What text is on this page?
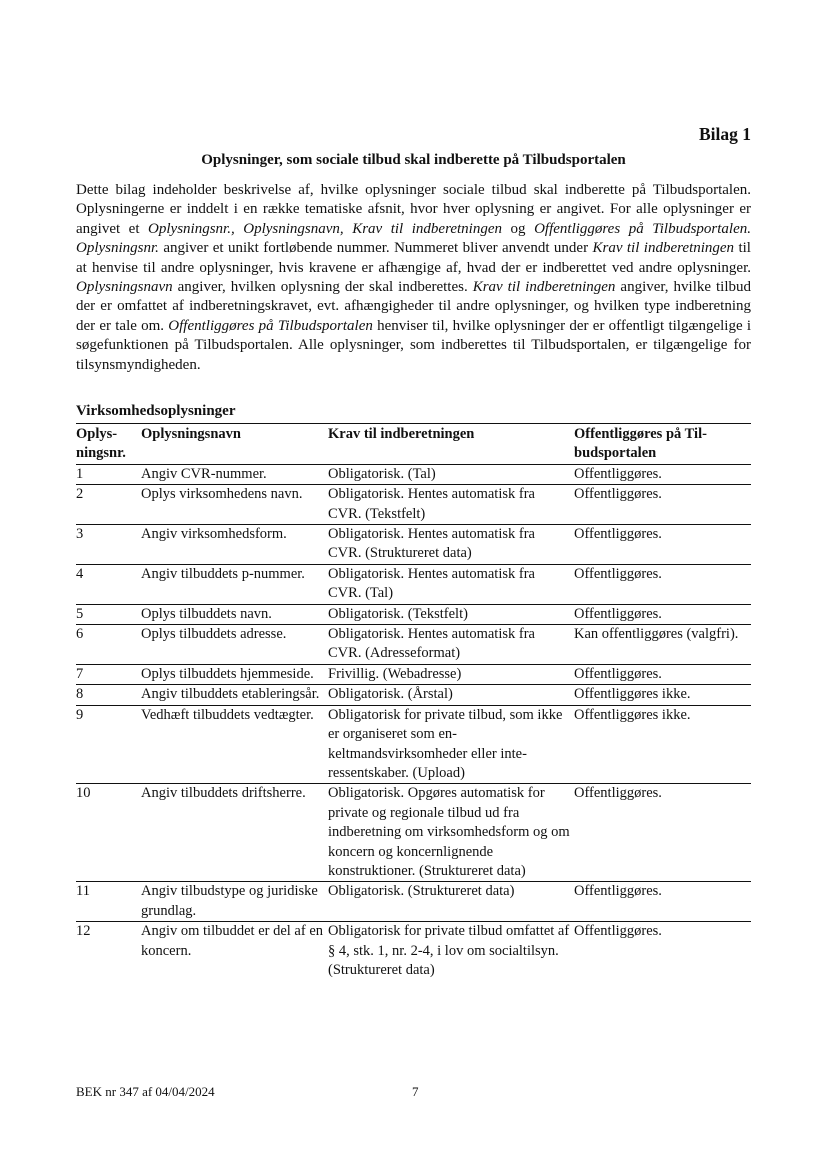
Bilag 1
Oplysninger, som sociale tilbud skal indberette på Tilbudsportalen
Dette bilag indeholder beskrivelse af, hvilke oplysninger sociale tilbud skal indberette på Tilbudsportalen. Oplysningerne er inddelt i en række tematiske afsnit, hvor hver oplysning er angivet. For alle oplysninger er angivet et Oplysningsnr., Oplysningsnavn, Krav til indberetningen og Offentliggøres på Tilbudsportalen. Oplysningsnr. angiver et unikt fortløbende nummer. Nummeret bliver anvendt under Krav til indberetningen til at henvise til andre oplysninger, hvis kravene er afhængige af, hvad der er indberettet ved andre oplysninger. Oplysningsnavn angiver, hvilken oplysning der skal indberettes. Krav til indberetningen angiver, hvilke tilbud der er omfattet af indberetningskravet, evt. afhængigheder til andre oplysninger, og hvilken type indberetning der er tale om. Offentliggøres på Tilbudsportalen henviser til, hvilke oplysninger der er offentligt tilgængelige i søgefunktionen på Tilbudsportalen. Alle oplysninger, som indberettes til Tilbudsportalen, er tilgængelige for tilsynsmyndigheden.
Virksomhedsoplysninger
Oplysningsnr.	Oplysningsnavn	Krav til indberetningen	Offentliggøres på Tilbudsportalen
1	Angiv CVR-nummer.	Obligatorisk. (Tal)	Offentliggøres.
2	Oplys virksomhedens navn.	Obligatorisk. Hentes automatisk fra CVR. (Tekstfelt)	Offentliggøres.
3	Angiv virksomhedsform.	Obligatorisk. Hentes automatisk fra CVR. (Struktureret data)	Offentliggøres.
4	Angiv tilbuddets p-nummer.	Obligatorisk. Hentes automatisk fra CVR. (Tal)	Offentliggøres.
5	Oplys tilbuddets navn.	Obligatorisk. (Tekstfelt)	Offentliggøres.
6	Oplys tilbuddets adresse.	Obligatorisk. Hentes automatisk fra CVR. (Adresseformat)	Kan offentliggøres (valgfri).
7	Oplys tilbuddets hjemmeside.	Frivillig. (Webadresse)	Offentliggøres.
8	Angiv tilbuddets etableringsår.	Obligatorisk. (Årstal)	Offentliggøres ikke.
9	Vedhæft tilbuddets vedtægter.	Obligatorisk for private tilbud, som ikke er organiseret som enkeltmandsvirksomheder eller interessentskaber. (Upload)	Offentliggøres ikke.
10	Angiv tilbuddets driftsherre.	Obligatorisk. Opgøres automatisk for private og regionale tilbud ud fra indberetning om virksomhedsform og om koncern og koncernlignende konstruktioner. (Struktureret data)	Offentliggøres.
11	Angiv tilbudstype og juridiske grundlag.	Obligatorisk. (Struktureret data)	Offentliggøres.
12	Angiv om tilbuddet er del af en koncern.	Obligatorisk for private tilbud omfattet af § 4, stk. 1, nr. 2-4, i lov om socialtilsyn. (Struktureret data)	Offentliggøres.
BEK nr 347 af 04/04/2024	7
